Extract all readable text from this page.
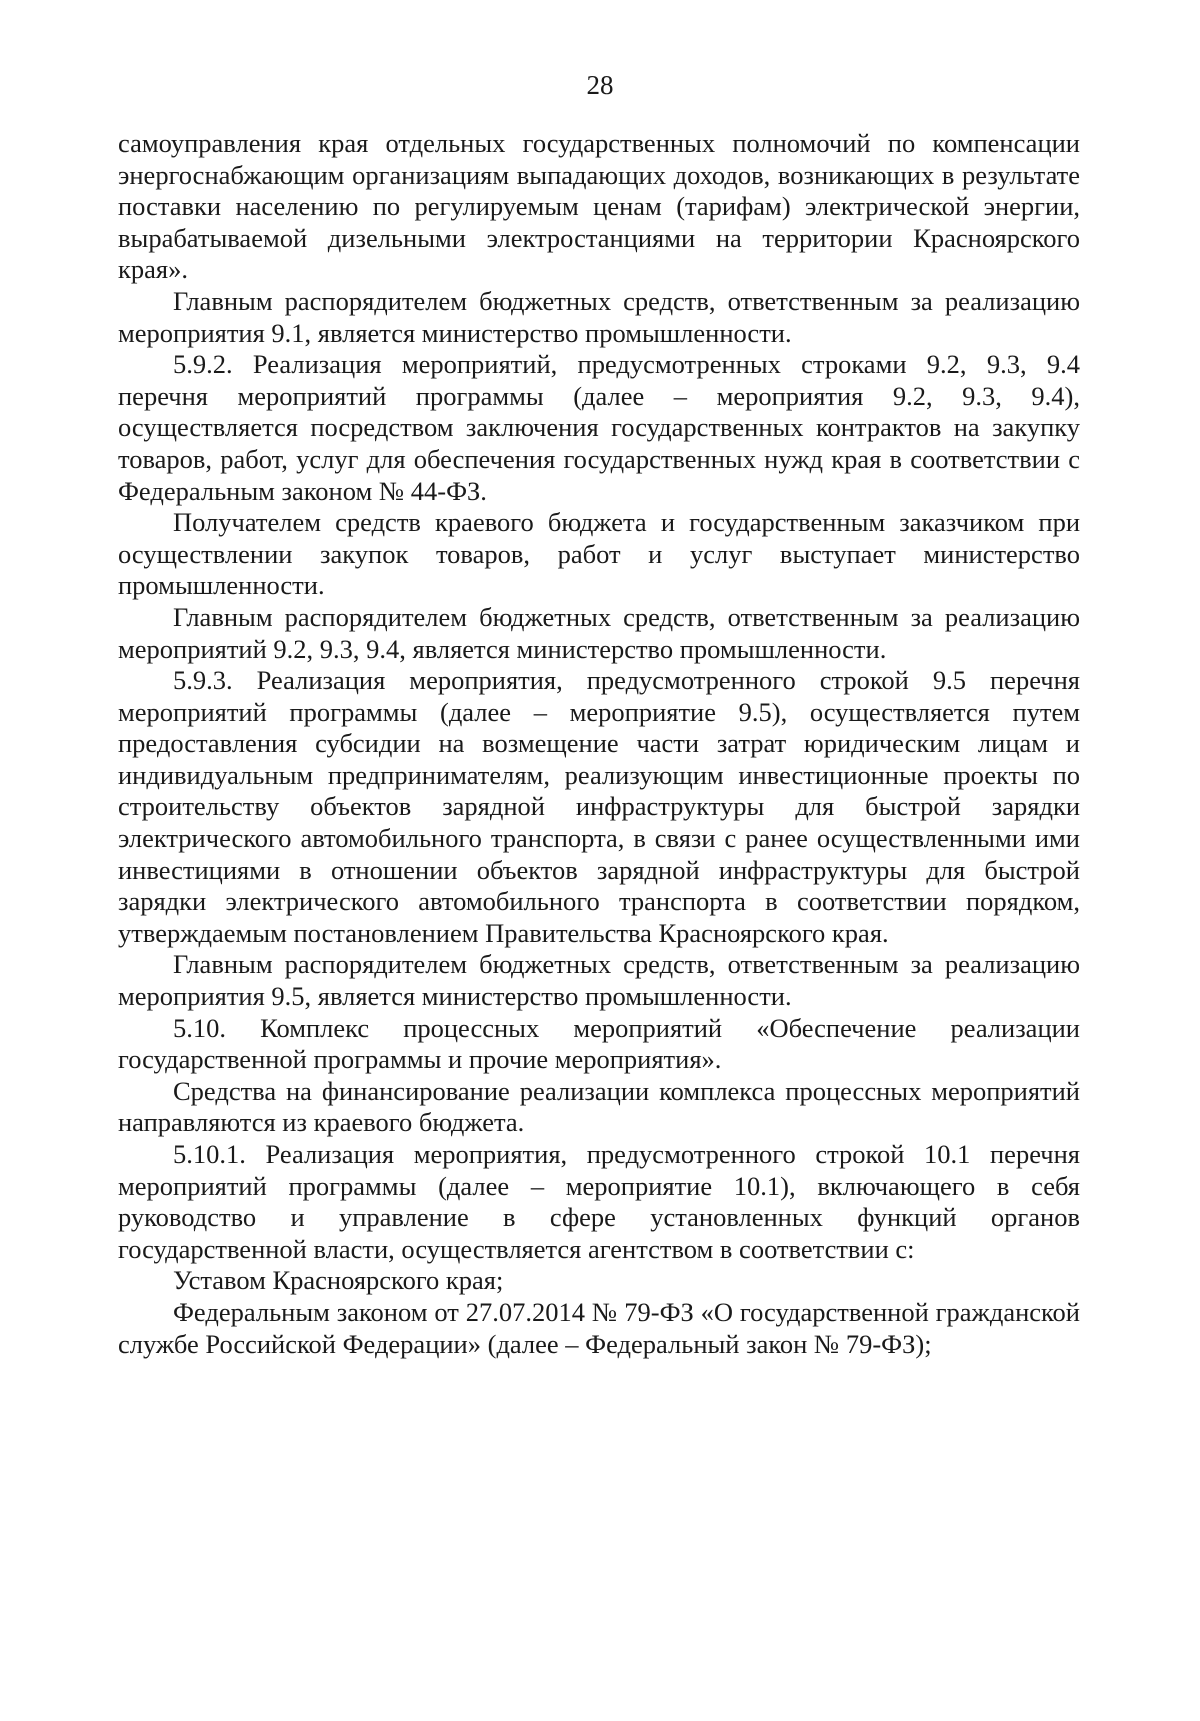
28

самоуправления края отдельных государственных полномочий по компенсации энергоснабжающим организациям выпадающих доходов, возникающих в результате поставки населению по регулируемым ценам (тарифам) электрической энергии, вырабатываемой дизельными электростанциями на территории Красноярского края».

Главным распорядителем бюджетных средств, ответственным за реализацию мероприятия 9.1, является министерство промышленности.

5.9.2. Реализация мероприятий, предусмотренных строками 9.2, 9.3, 9.4 перечня мероприятий программы (далее – мероприятия 9.2, 9.3, 9.4), осуществляется посредством заключения государственных контрактов на закупку товаров, работ, услуг для обеспечения государственных нужд края в соответствии с Федеральным законом № 44-ФЗ.

Получателем средств краевого бюджета и государственным заказчиком при осуществлении закупок товаров, работ и услуг выступает министерство промышленности.

Главным распорядителем бюджетных средств, ответственным за реализацию мероприятий 9.2, 9.3, 9.4, является министерство промышленности.

5.9.3. Реализация мероприятия, предусмотренного строкой 9.5 перечня мероприятий программы (далее – мероприятие 9.5), осуществляется путем предоставления субсидии на возмещение части затрат юридическим лицам и индивидуальным предпринимателям, реализующим инвестиционные проекты по строительству объектов зарядной инфраструктуры для быстрой зарядки электрического автомобильного транспорта, в связи с ранее осуществленными ими инвестициями в отношении объектов зарядной инфраструктуры для быстрой зарядки электрического автомобильного транспорта в соответствии порядком, утверждаемым постановлением Правительства Красноярского края.

Главным распорядителем бюджетных средств, ответственным за реализацию мероприятия 9.5, является министерство промышленности.

5.10. Комплекс процессных мероприятий «Обеспечение реализации государственной программы и прочие мероприятия».

Средства на финансирование реализации комплекса процессных мероприятий направляются из краевого бюджета.

5.10.1. Реализация мероприятия, предусмотренного строкой 10.1 перечня мероприятий программы (далее – мероприятие 10.1), включающего в себя руководство и управление в сфере установленных функций органов государственной власти, осуществляется агентством в соответствии с:

Уставом Красноярского края;

Федеральным законом от 27.07.2014 № 79-ФЗ «О государственной гражданской службе Российской Федерации» (далее – Федеральный закон № 79-ФЗ);
